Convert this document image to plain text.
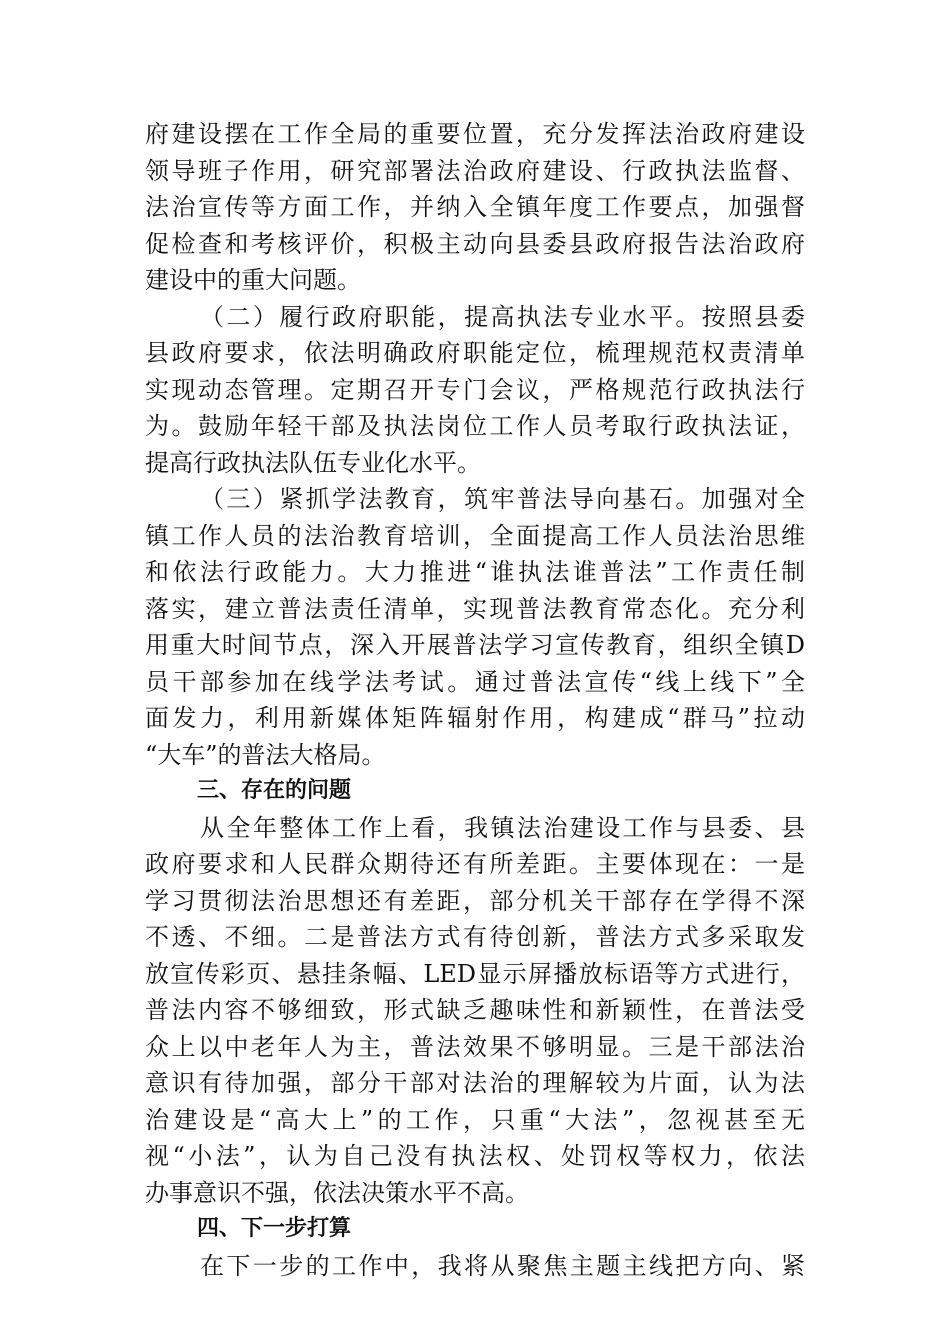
府建设摆在工作全局的重要位置，充分发挥法治政府建设
领导班子作用，研究部署法治政府建设、行政执法监督、
法治宣传等方面工作，并纳入全镇年度工作要点，加强督
促检查和考核评价，积极主动向县委县政府报告法治政府
建设中的重大问题。
（二）履行政府职能，提高执法专业水平。按照县委
县政府要求，依法明确政府职能定位，梳理规范权责清单
实现动态管理。定期召开专门会议，严格规范行政执法行
为。鼓励年轻干部及执法岗位工作人员考取行政执法证，
提高行政执法队伍专业化水平。
（三）紧抓学法教育，筑牢普法导向基石。加强对全
镇工作人员的法治教育培训，全面提高工作人员法治思维
和依法行政能力。大力推进“谁执法谁普法”工作责任制
落实，建立普法责任清单，实现普法教育常态化。充分利
用重大时间节点，深入开展普法学习宣传教育，组织全镇D
员干部参加在线学法考试。通过普法宣传“线上线下”全
面发力，利用新媒体矩阵辐射作用，构建成“群马”拉动
“大车”的普法大格局。
三、存在的问题
从全年整体工作上看，我镇法治建设工作与县委、县
政府要求和人民群众期待还有所差距。主要体现在：一是
学习贯彻法治思想还有差距，部分机关干部存在学得不深
不透、不细。二是普法方式有待创新，普法方式多采取发
放宣传彩页、悬挂条幅、LED显示屏播放标语等方式进行，
普法内容不够细致，形式缺乏趣味性和新颖性，在普法受
众上以中老年人为主，普法效果不够明显。三是干部法治
意识有待加强，部分干部对法治的理解较为片面，认为法
治建设是“高大上”的工作，只重“大法”，忽视甚至无
视“小法”，认为自己没有执法权、处罚权等权力，依法
办事意识不强，依法决策水平不高。
四、下一步打算
在下一步的工作中，我将从聚焦主题主线把方向、紧
